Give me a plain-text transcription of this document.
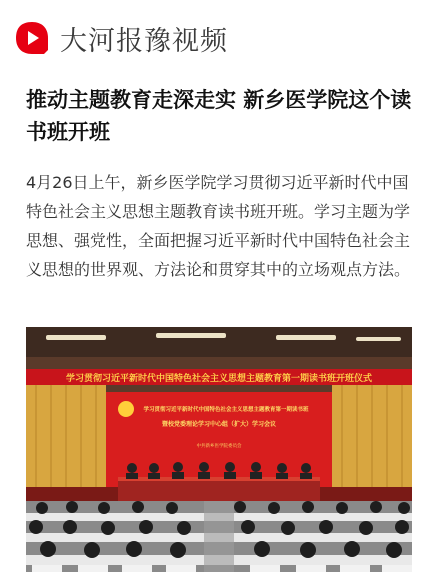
大河报豫视频
推动主题教育走深走实 新乡医学院这个读书班开班
4月26日上午，新乡医学院学习贯彻习近平新时代中国特色社会主义思想主题教育读书班开班。学习主题为学思想、强党性，全面把握习近平新时代中国特色社会主义思想的世界观、方法论和贯穿其中的立场观点方法。
学习贯彻习近平新时代中国特色社会主义思想主题教育第一期读书班开班仪式
学习贯彻习近平新时代中国特色社会主义思想主题教育第一期读书班
暨校党委理论学习中心组（扩大）学习会议
中共新乡医学院委员会
